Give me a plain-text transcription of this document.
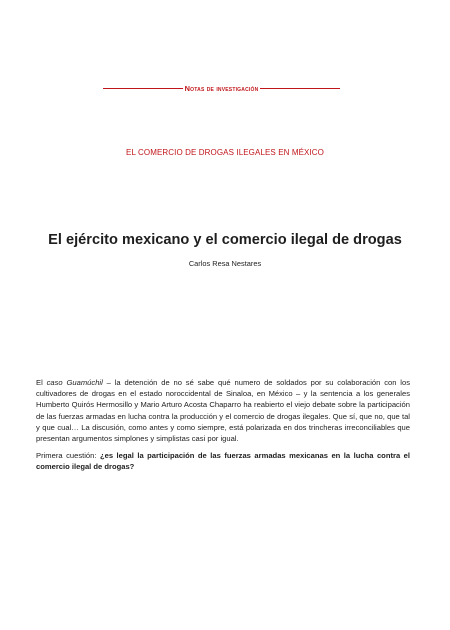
Notas de investigación
EL COMERCIO DE DROGAS ILEGALES EN MÉXICO
El ejército mexicano y el comercio ilegal de drogas
Carlos Resa Nestares

El caso Guamúchil – la detención de no sé sabe qué numero de soldados por su colaboración con los cultivadores de drogas en el estado noroccidental de Sinaloa, en México – y la sentencia a los generales Humberto Quirós Hermosillo y Mario Arturo Acosta Chaparro ha reabierto el viejo debate sobre la participación de las fuerzas armadas en lucha contra la producción y el comercio de drogas ilegales. Que sí, que no, que tal y que cual… La discusión, como antes y como siempre, está polarizada en dos trincheras irreconciliables que presentan argumentos simplones y simplistas casi por igual.

Primera cuestión: ¿es legal la participación de las fuerzas armadas mexicanas en la lucha contra el comercio ilegal de drogas?
